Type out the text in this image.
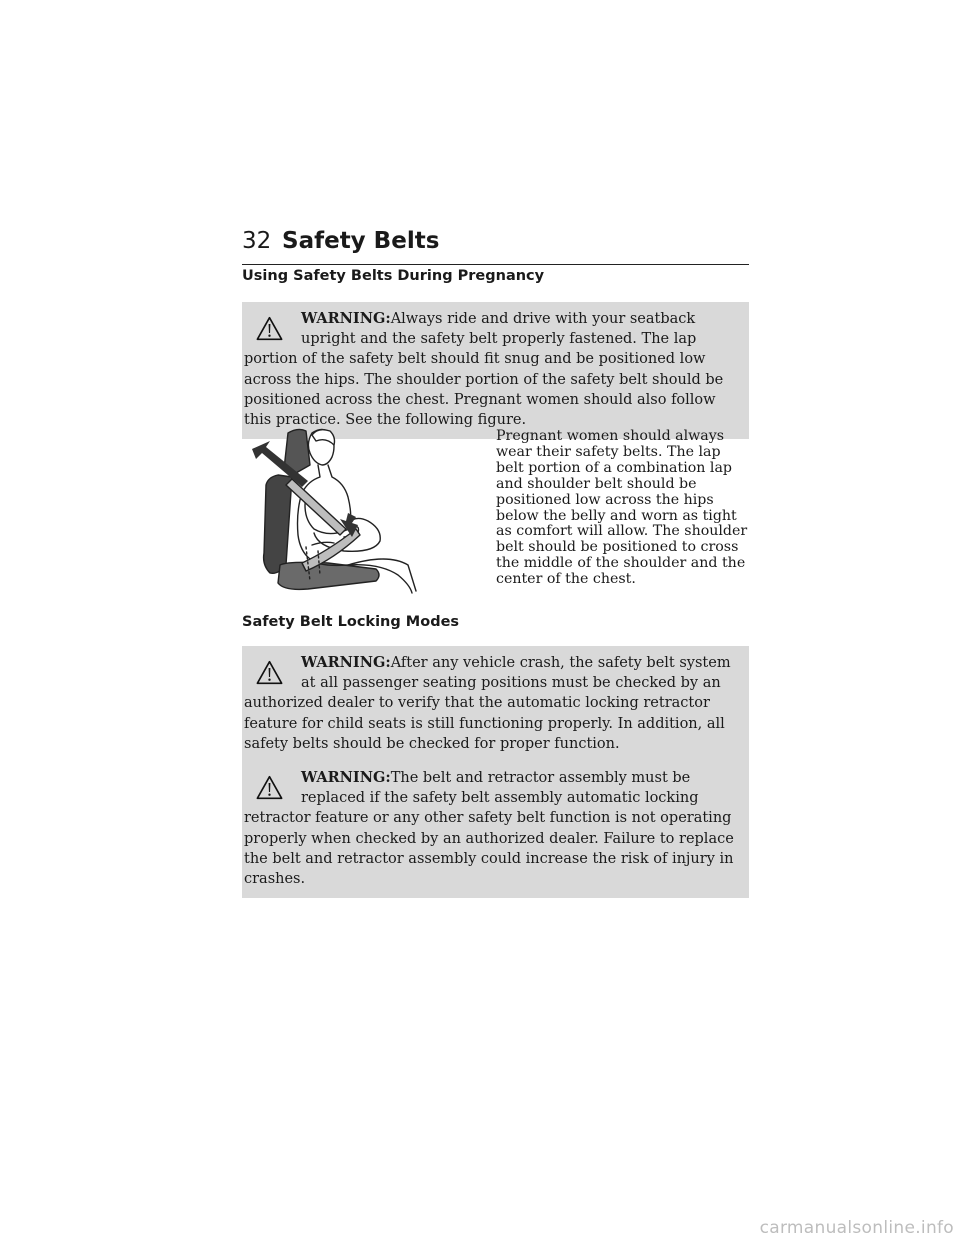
32 Safety Belts
Using Safety Belts During Pregnancy

WARNING:Always ride and drive with your seatback upright and the safety belt properly fastened. The lap portion of the safety belt should fit snug and be positioned low across the hips. The shoulder portion of the safety belt should be positioned across the chest. Pregnant women should also follow this practice. See the following figure.

Pregnant women should always wear their safety belts. The lap belt portion of a combination lap and shoulder belt should be positioned low across the hips below the belly and worn as tight as comfort will allow. The shoulder belt should be positioned to cross the middle of the shoulder and the center of the chest.

Safety Belt Locking Modes

WARNING:After any vehicle crash, the safety belt system at all passenger seating positions must be checked by an authorized dealer to verify that the automatic locking retractor feature for child seats is still functioning properly. In addition, all safety belts should be checked for proper function.

WARNING:The belt and retractor assembly must be replaced if the safety belt assembly automatic locking retractor feature or any other safety belt function is not operating properly when checked by an authorized dealer. Failure to replace the belt and retractor assembly could increase the risk of injury in crashes.

carmanualsonline.info
